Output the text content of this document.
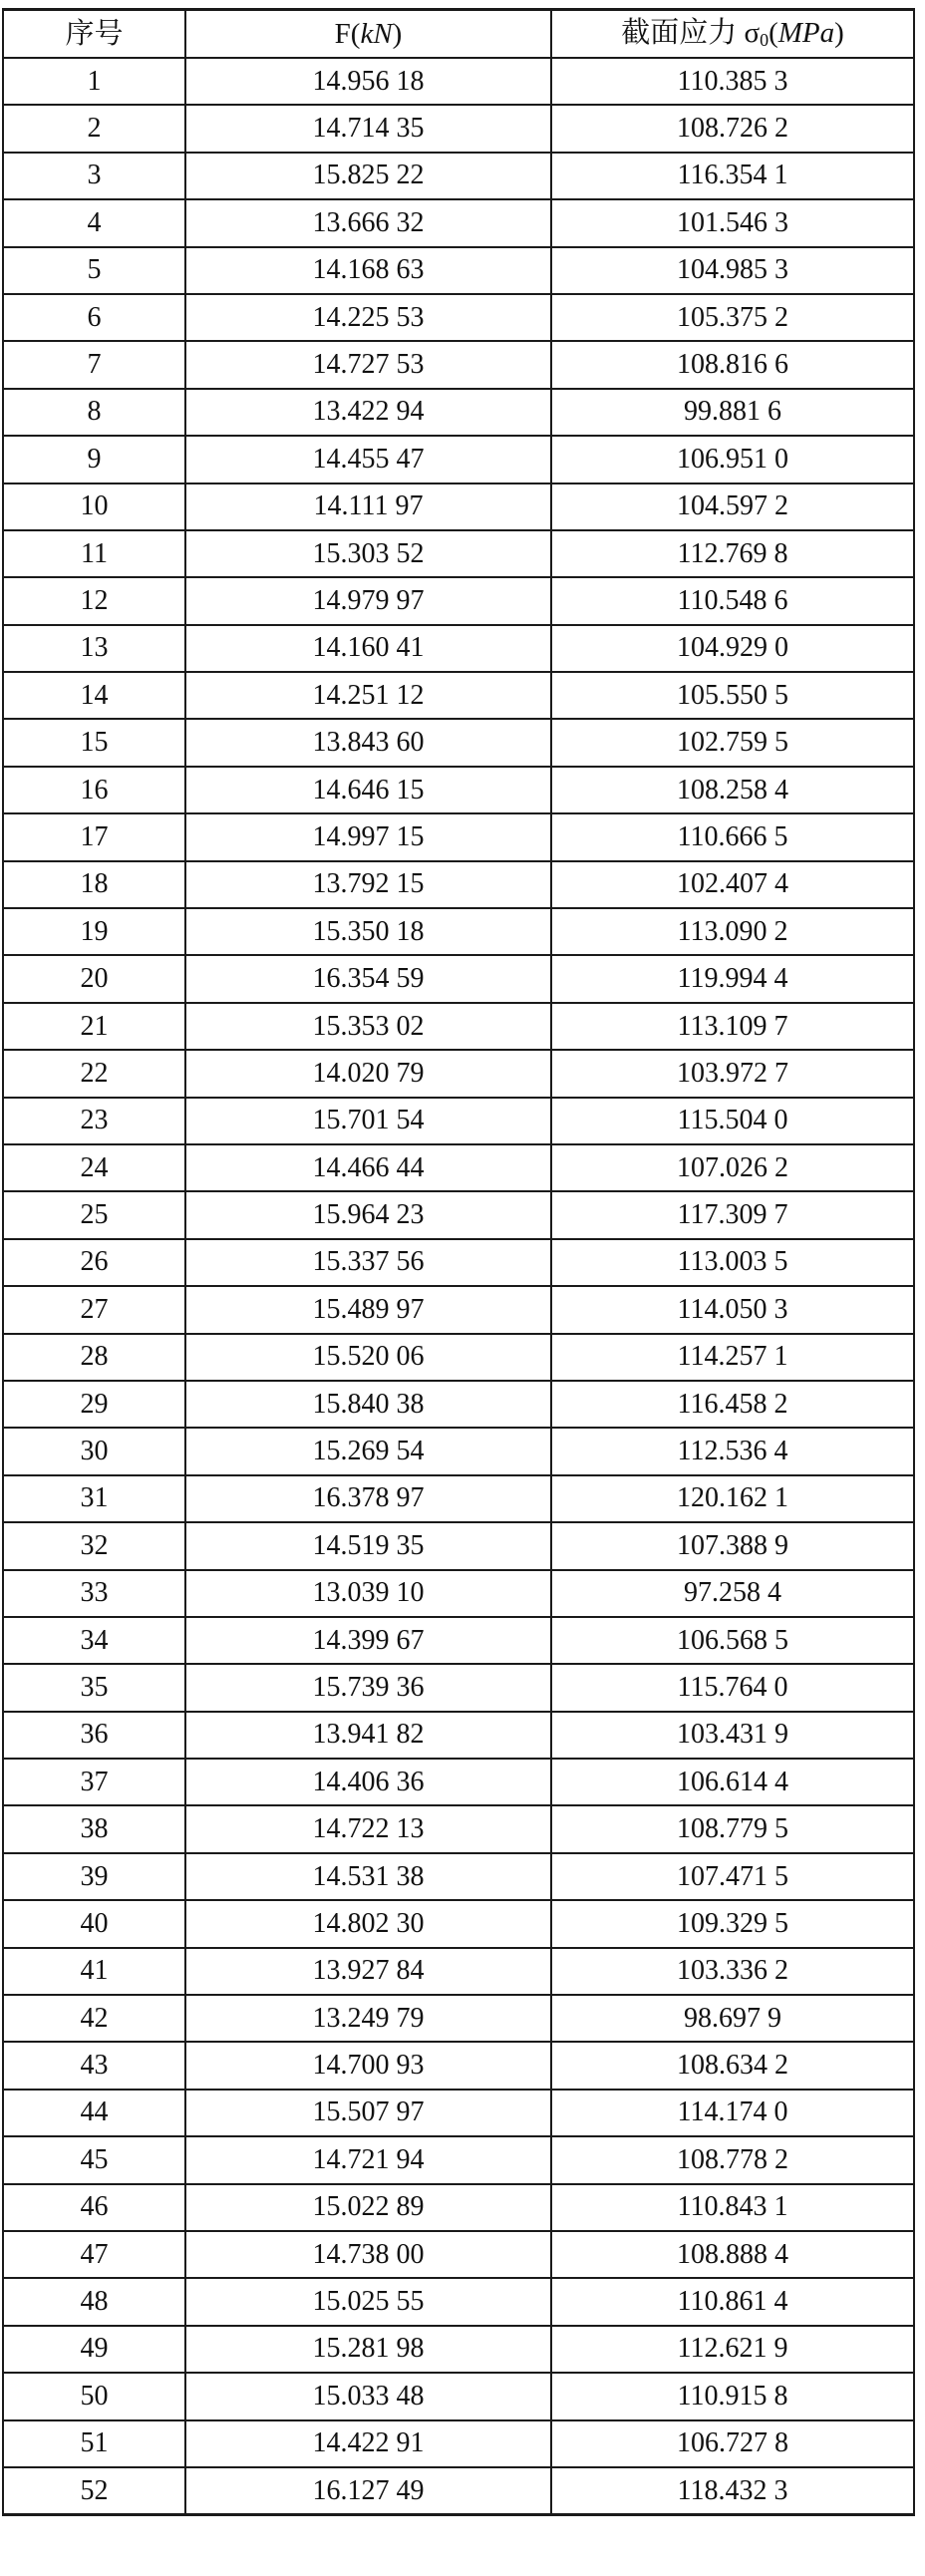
序号	F(kN)	截面应力 $\sigma_0(MPa)$
1	14.956 18	110.385 3
2	14.714 35	108.726 2
3	15.825 22	116.354 1
4	13.666 32	101.546 3
5	14.168 63	104.985 3
6	14.225 53	105.375 2
7	14.727 53	108.816 6
8	13.422 94	99.881 6
9	14.455 47	106.951 0
10	14.111 97	104.597 2
11	15.303 52	112.769 8
12	14.979 97	110.548 6
13	14.160 41	104.929 0
14	14.251 12	105.550 5
15	13.843 60	102.759 5
16	14.646 15	108.258 4
17	14.997 15	110.666 5
18	13.792 15	102.407 4
19	15.350 18	113.090 2
20	16.354 59	119.994 4
21	15.353 02	113.109 7
22	14.020 79	103.972 7
23	15.701 54	115.504 0
24	14.466 44	107.026 2
25	15.964 23	117.309 7
26	15.337 56	113.003 5
27	15.489 97	114.050 3
28	15.520 06	114.257 1
29	15.840 38	116.458 2
30	15.269 54	112.536 4
31	16.378 97	120.162 1
32	14.519 35	107.388 9
33	13.039 10	97.258 4
34	14.399 67	106.568 5
35	15.739 36	115.764 0
36	13.941 82	103.431 9
37	14.406 36	106.614 4
38	14.722 13	108.779 5
39	14.531 38	107.471 5
40	14.802 30	109.329 5
41	13.927 84	103.336 2
42	13.249 79	98.697 9
43	14.700 93	108.634 2
44	15.507 97	114.174 0
45	14.721 94	108.778 2
46	15.022 89	110.843 1
47	14.738 00	108.888 4
48	15.025 55	110.861 4
49	15.281 98	112.621 9
50	15.033 48	110.915 8
51	14.422 91	106.727 8
52	16.127 49	118.432 3
